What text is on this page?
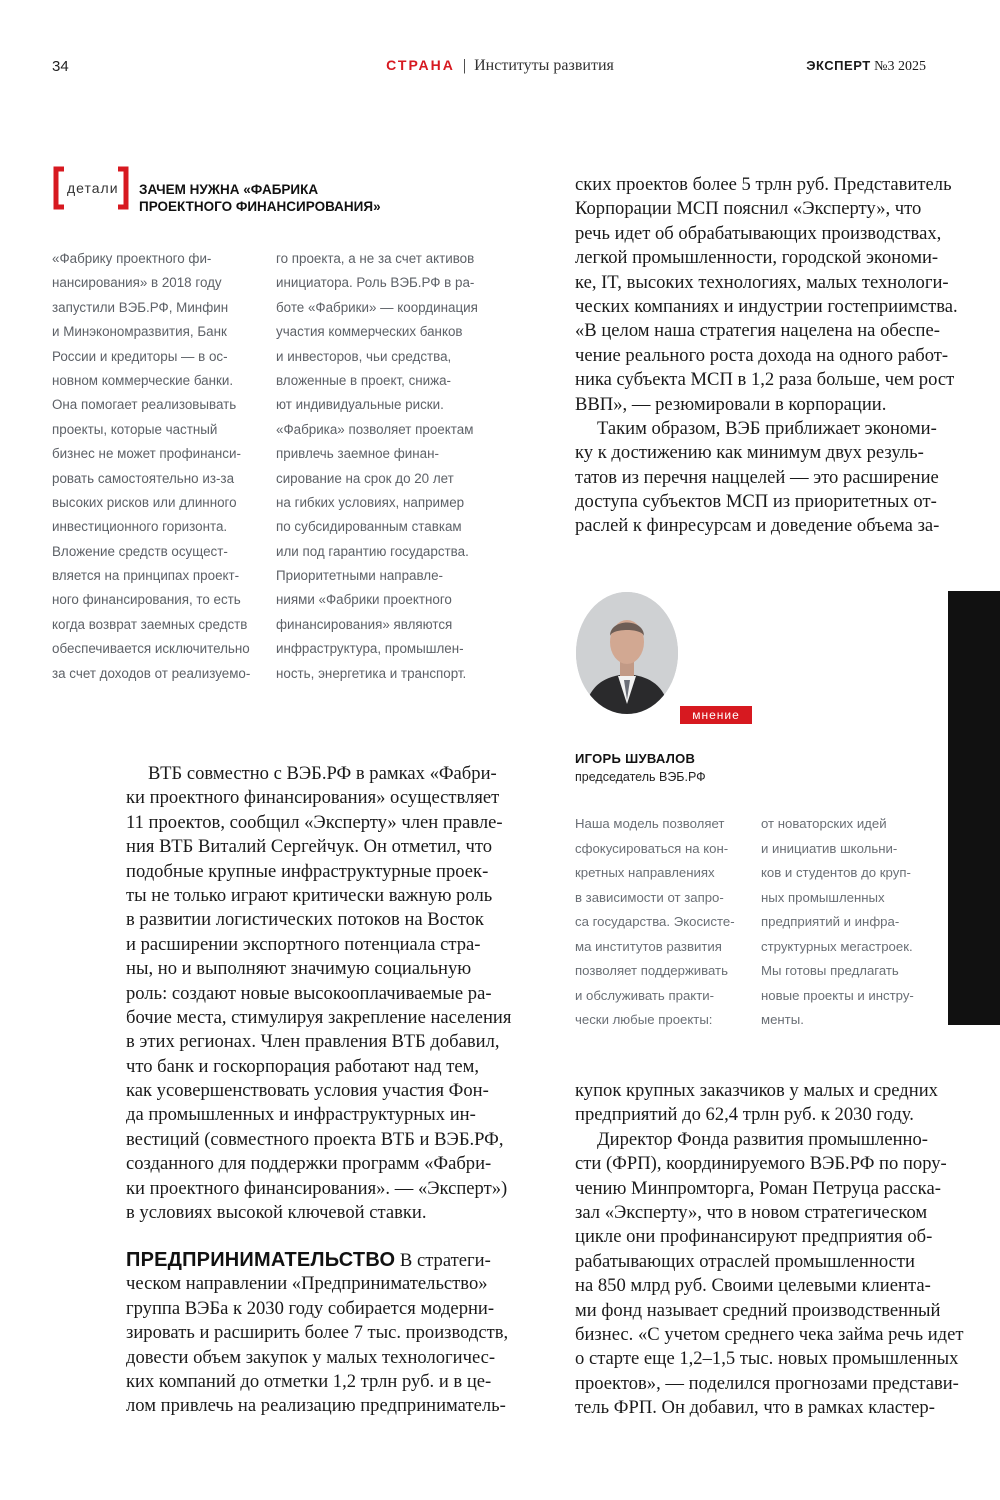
34	СТРАНА | Институты развития	ЭКСПЕРТ №3 2025
детали ЗАЧЕМ НУЖНА «ФАБРИКА
ПРОЕКТНОГО ФИНАНСИРОВАНИЯ»
«Фабрику проектного фи-
нансирования» в 2018 году
запустили ВЭБ.РФ, Минфин
и Минэкономразвития, Банк
России и кредиторы — в ос-
новном коммерческие банки.
Она помогает реализовывать
проекты, которые частный
бизнес не может профинанси-
ровать самостоятельно из-за
высоких рисков или длинного
инвестиционного горизонта.
Вложение средств осущест-
вляется на принципах проект-
ного финансирования, то есть
когда возврат заемных средств
обеспечивается исключительно
за счет доходов от реализуемо-
го проекта, а не за счет активов
инициатора. Роль ВЭБ.РФ в ра-
боте «Фабрики» — координация
участия коммерческих банков
и инвесторов, чьи средства,
вложенные в проект, снижа-
ют индивидуальные риски.
«Фабрика» позволяет проектам
привлечь заемное финан-
сирование на срок до 20 лет
на гибких условиях, например
по субсидированным ставкам
или под гарантию государства.
Приоритетными направле-
ниями «Фабрики проектного
финансирования» являются
инфраструктура, промышлен-
ность, энергетика и транспорт.
ских проектов более 5 трлн руб. Представитель
Корпорации МСП пояснил «Эксперту», что
речь идет об обрабатывающих производствах,
легкой промышленности, городской экономи-
ке, IT, высоких технологиях, малых технологи-
ческих компаниях и индустрии гостеприимства.
«В целом наша стратегия нацелена на обеспе-
чение реального роста дохода на одного работ-
ника субъекта МСП в 1,2 раза больше, чем рост
ВВП», — резюмировали в корпорации.
Таким образом, ВЭБ приближает экономи-
ку к достижению как минимум двух резуль-
татов из перечня наццелей — это расширение
доступа субъектов МСП из приоритетных от-
раслей к финресурсам и доведение объема за-
мнение
ИГОРЬ ШУВАЛОВ
председатель ВЭБ.РФ
Наша модель позволяет
сфокусироваться на кон-
кретных направлениях
в зависимости от запро-
са государства. Экосисте-
ма институтов развития
позволяет поддерживать
и обслуживать практи-
чески любые проекты:
от новаторских идей
и инициатив школьни-
ков и студентов до круп-
ных промышленных
предприятий и инфра-
структурных мегастроек.
Мы готовы предлагать
новые проекты и инстру-
менты.
ВТБ совместно с ВЭБ.РФ в рамках «Фабри-
ки проектного финансирования» осуществляет
11 проектов, сообщил «Эксперту» член правле-
ния ВТБ Виталий Сергейчук. Он отметил, что
подобные крупные инфраструктурные проек-
ты не только играют критически важную роль
в развитии логистических потоков на Восток
и расширении экспортного потенциала стра-
ны, но и выполняют значимую социальную
роль: создают новые высокооплачиваемые ра-
бочие места, стимулируя закрепление населения
в этих регионах. Член правления ВТБ добавил,
что банк и госкорпорация работают над тем,
как усовершенствовать условия участия Фон-
да промышленных и инфраструктурных ин-
вестиций (совместного проекта ВТБ и ВЭБ.РФ,
созданного для поддержки программ «Фабри-
ки проектного финансирования». — «Эксперт»)
в условиях высокой ключевой ставки.
ПРЕДПРИНИМАТЕЛЬСТВО В стратеги-
ческом направлении «Предпринимательство»
группа ВЭБа к 2030 году собирается модерни-
зировать и расширить более 7 тыс. производств,
довести объем закупок у малых технологичес-
ких компаний до отметки 1,2 трлн руб. и в це-
лом привлечь на реализацию предприниматель-
купок крупных заказчиков у малых и средних
предприятий до 62,4 трлн руб. к 2030 году.
Директор Фонда развития промышленно-
сти (ФРП), координируемого ВЭБ.РФ по пору-
чению Минпромторга, Роман Петруца расска-
зал «Эксперту», что в новом стратегическом
цикле они профинансируют предприятия об-
рабатывающих отраслей промышленности
на 850 млрд руб. Своими целевыми клиента-
ми фонд называет средний производственный
бизнес. «С учетом среднего чека займа речь идет
о старте еще 1,2–1,5 тыс. новых промышленных
проектов», — поделился прогнозами представи-
тель ФРП. Он добавил, что в рамках кластер-
